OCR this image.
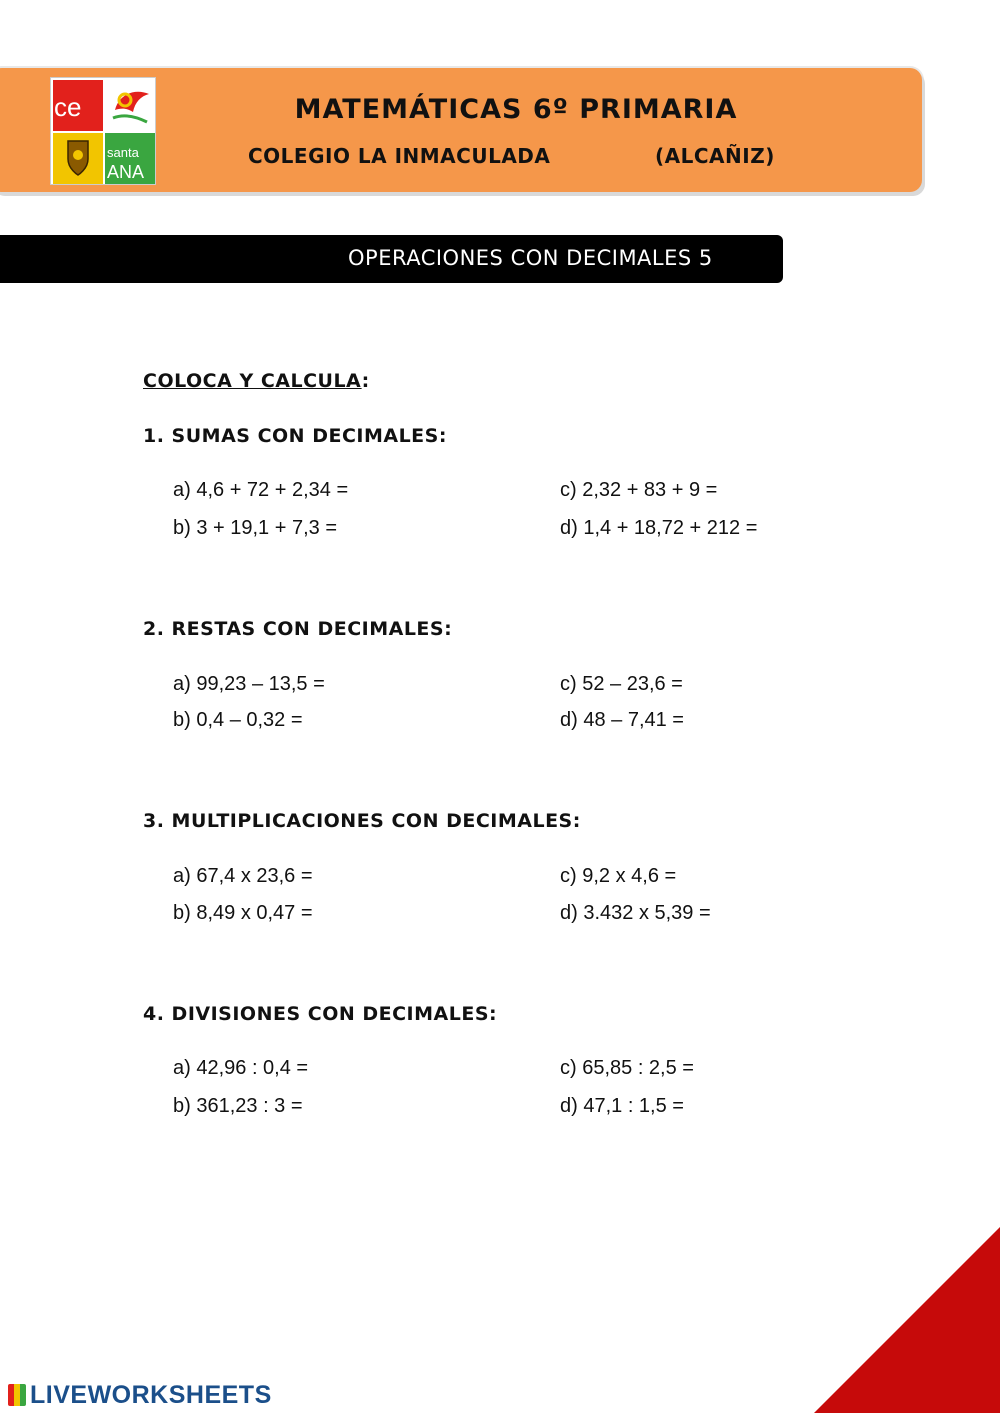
ce
santa
ANA
MATEMÁTICAS 6º PRIMARIA
COLEGIO LA INMACULADA	(ALCAÑIZ)
OPERACIONES CON DECIMALES 5
COLOCA Y CALCULA:
1. SUMAS CON DECIMALES:
a) 4,6 + 72 + 2,34 =
b) 3 + 19,1 + 7,3 =
c) 2,32 + 83 + 9 =
d) 1,4 + 18,72 + 212 =
2. RESTAS CON DECIMALES:
a) 99,23 – 13,5 =
b) 0,4 – 0,32 =
c) 52 – 23,6 =
d) 48 – 7,41 =
3. MULTIPLICACIONES CON DECIMALES:
a) 67,4 x 23,6 =
b) 8,49 x 0,47 =
c) 9,2 x 4,6 =
d) 3.432 x 5,39 =
4. DIVISIONES CON DECIMALES:
a) 42,96 : 0,4 =
b) 361,23 : 3 =
c) 65,85 : 2,5 =
d) 47,1 : 1,5 =
LIVEWORKSHEETS
